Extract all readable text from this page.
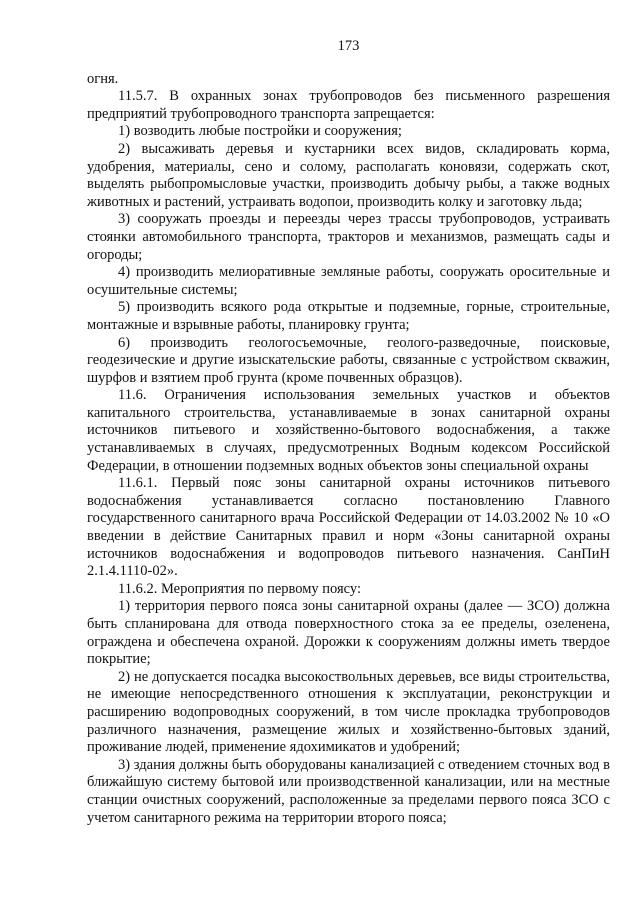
173

огня.

11.5.7. В охранных зонах трубопроводов без письменного разрешения предприятий трубопроводного транспорта запрещается:

1) возводить любые постройки и сооружения;

2) высаживать деревья и кустарники всех видов, складировать корма, удобрения, материалы, сено и солому, располагать коновязи, содержать скот, выделять рыбопромысловые участки, производить добычу рыбы, а также водных животных и растений, устраивать водопои, производить колку и заготовку льда;

3) сооружать проезды и переезды через трассы трубопроводов, устраивать стоянки автомобильного транспорта, тракторов и механизмов, размещать сады и огороды;

4) производить мелиоративные земляные работы, сооружать оросительные и осушительные системы;

5) производить всякого рода открытые и подземные, горные, строительные, монтажные и взрывные работы, планировку грунта;

6) производить геологосъемочные, геолого-разведочные, поисковые, геодезические и другие изыскательские работы, связанные с устройством скважин, шурфов и взятием проб грунта (кроме почвенных образцов).

11.6. Ограничения использования земельных участков и объектов капитального строительства, устанавливаемые в зонах санитарной охраны источников питьевого и хозяйственно-бытового водоснабжения, а также устанавливаемых в случаях, предусмотренных Водным кодексом Российской Федерации, в отношении подземных водных объектов зоны специальной охраны

11.6.1. Первый пояс зоны санитарной охраны источников питьевого водоснабжения устанавливается согласно постановлению Главного государственного санитарного врача Российской Федерации от 14.03.2002 № 10 «О введении в действие Санитарных правил и норм «Зоны санитарной охраны источников водоснабжения и водопроводов питьевого назначения. СанПиН 2.1.4.1110-02».

11.6.2. Мероприятия по первому поясу:

1) территория первого пояса зоны санитарной охраны (далее — ЗСО) должна быть спланирована для отвода поверхностного стока за ее пределы, озеленена, ограждена и обеспечена охраной. Дорожки к сооружениям должны иметь твердое покрытие;

2) не допускается посадка высокоствольных деревьев, все виды строительства, не имеющие непосредственного отношения к эксплуатации, реконструкции и расширению водопроводных сооружений, в том числе прокладка трубопроводов различного назначения, размещение жилых и хозяйственно-бытовых зданий, проживание людей, применение ядохимикатов и удобрений;

3) здания должны быть оборудованы канализацией с отведением сточных вод в ближайшую систему бытовой или производственной канализации, или на местные станции очистных сооружений, расположенные за пределами первого пояса ЗСО с учетом санитарного режима на территории второго пояса;
